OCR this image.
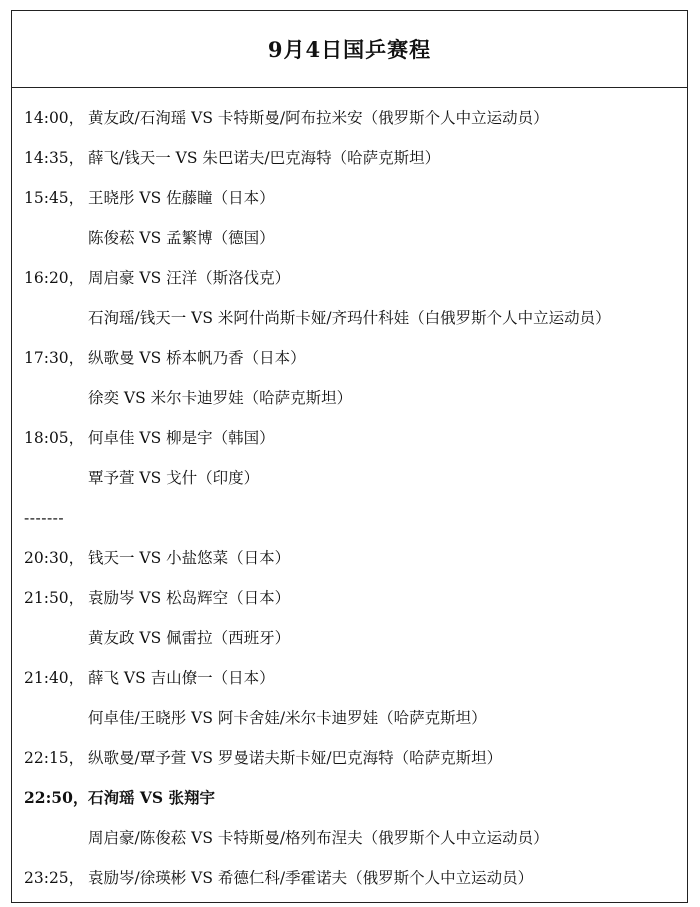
9月4日国乒赛程
14:00， 黄友政/石洵瑶 VS 卡特斯曼/阿布拉米安（俄罗斯个人中立运动员）
14:35， 薛飞/钱天一 VS 朱巴诺夫/巴克海特（哈萨克斯坦）
15:45， 王晓彤 VS 佐藤瞳（日本）
陈俊菘 VS 孟繁博（德国）
16:20， 周启豪 VS 汪洋（斯洛伐克）
石洵瑶/钱天一 VS 米阿什尚斯卡娅/齐玛什科娃（白俄罗斯个人中立运动员）
17:30， 纵歌曼 VS 桥本帆乃香（日本）
徐奕 VS 米尔卡迪罗娃（哈萨克斯坦）
18:05， 何卓佳 VS 柳是宇（韩国）
覃予萱 VS 戈什（印度）
-------
20:30， 钱天一 VS 小盐悠菜（日本）
21:50， 袁励岑 VS 松岛辉空（日本）
黄友政 VS 佩雷拉（西班牙）
21:40， 薛飞 VS 吉山僚一（日本）
何卓佳/王晓彤 VS 阿卡舍娃/米尔卡迪罗娃（哈萨克斯坦）
22:15， 纵歌曼/覃予萱 VS 罗曼诺夫斯卡娅/巴克海特（哈萨克斯坦）
22:50， 石洵瑶 VS 张翔宇
周启豪/陈俊菘 VS 卡特斯曼/格列布涅夫（俄罗斯个人中立运动员）
23:25， 袁励岑/徐瑛彬 VS 希德仁科/季霍诺夫（俄罗斯个人中立运动员）
